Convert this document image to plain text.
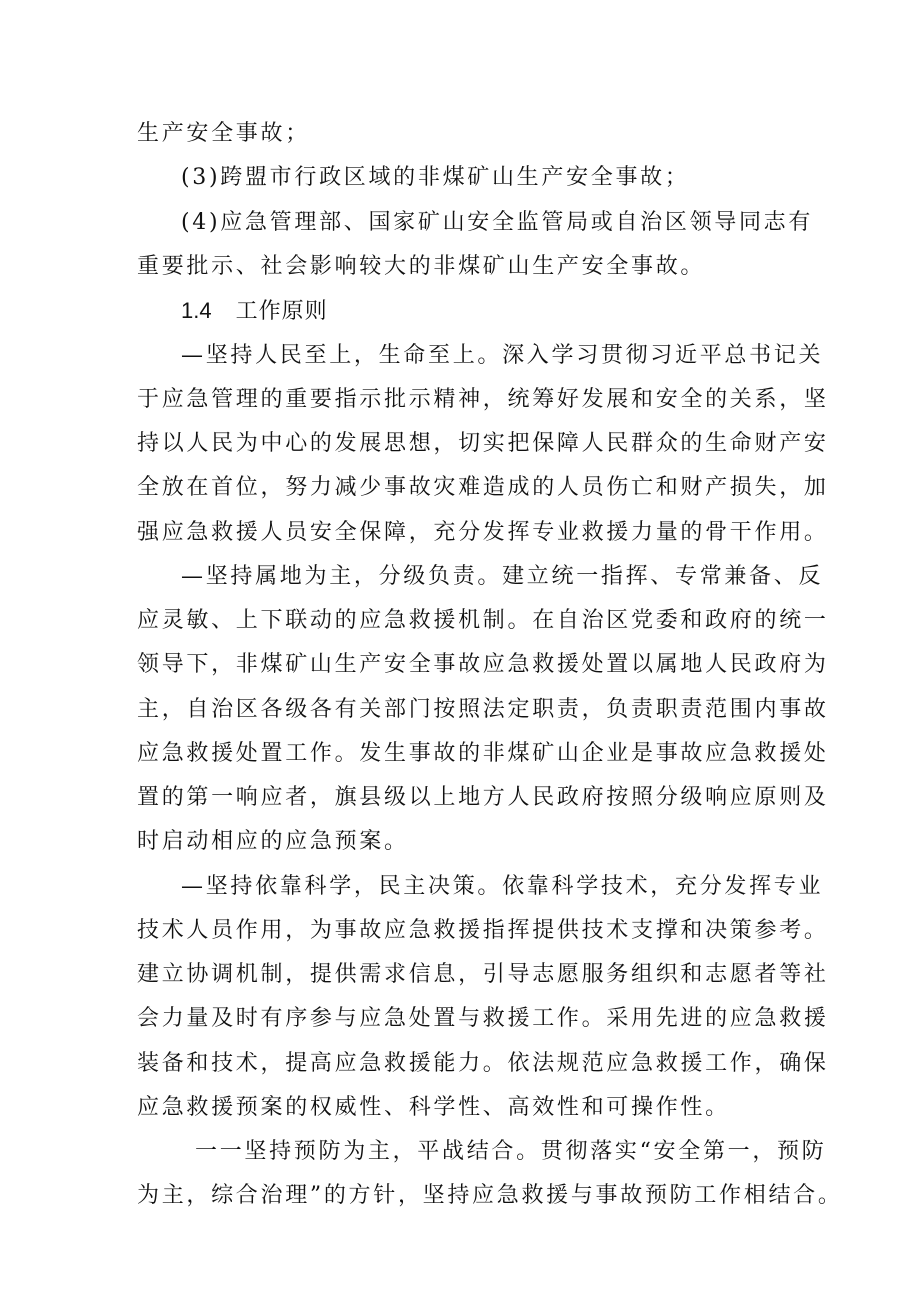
生产安全事故；
(3)跨盟市行政区域的非煤矿山生产安全事故；
(4)应急管理部、国家矿山安全监管局或自治区领导同志有
重要批示、社会影响较大的非煤矿山生产安全事故。
1.4 工作原则
—坚持人民至上，生命至上。深入学习贯彻习近平总书记关
于应急管理的重要指示批示精神，统筹好发展和安全的关系，坚
持以人民为中心的发展思想，切实把保障人民群众的生命财产安
全放在首位，努力减少事故灾难造成的人员伤亡和财产损失，加
强应急救援人员安全保障，充分发挥专业救援力量的骨干作用。
—坚持属地为主，分级负责。建立统一指挥、专常兼备、反
应灵敏、上下联动的应急救援机制。在自治区党委和政府的统一
领导下，非煤矿山生产安全事故应急救援处置以属地人民政府为
主，自治区各级各有关部门按照法定职责，负责职责范围内事故
应急救援处置工作。发生事故的非煤矿山企业是事故应急救援处
置的第一响应者，旗县级以上地方人民政府按照分级响应原则及
时启动相应的应急预案。
—坚持依靠科学，民主决策。依靠科学技术，充分发挥专业
技术人员作用，为事故应急救援指挥提供技术支撑和决策参考。
建立协调机制，提供需求信息，引导志愿服务组织和志愿者等社
会力量及时有序参与应急处置与救援工作。采用先进的应急救援
装备和技术，提高应急救援能力。依法规范应急救援工作，确保
应急救援预案的权威性、科学性、高效性和可操作性。
一一坚持预防为主，平战结合。贯彻落实“安全第一，预防
为主，综合治理”的方针，坚持应急救援与事故预防工作相结合。
